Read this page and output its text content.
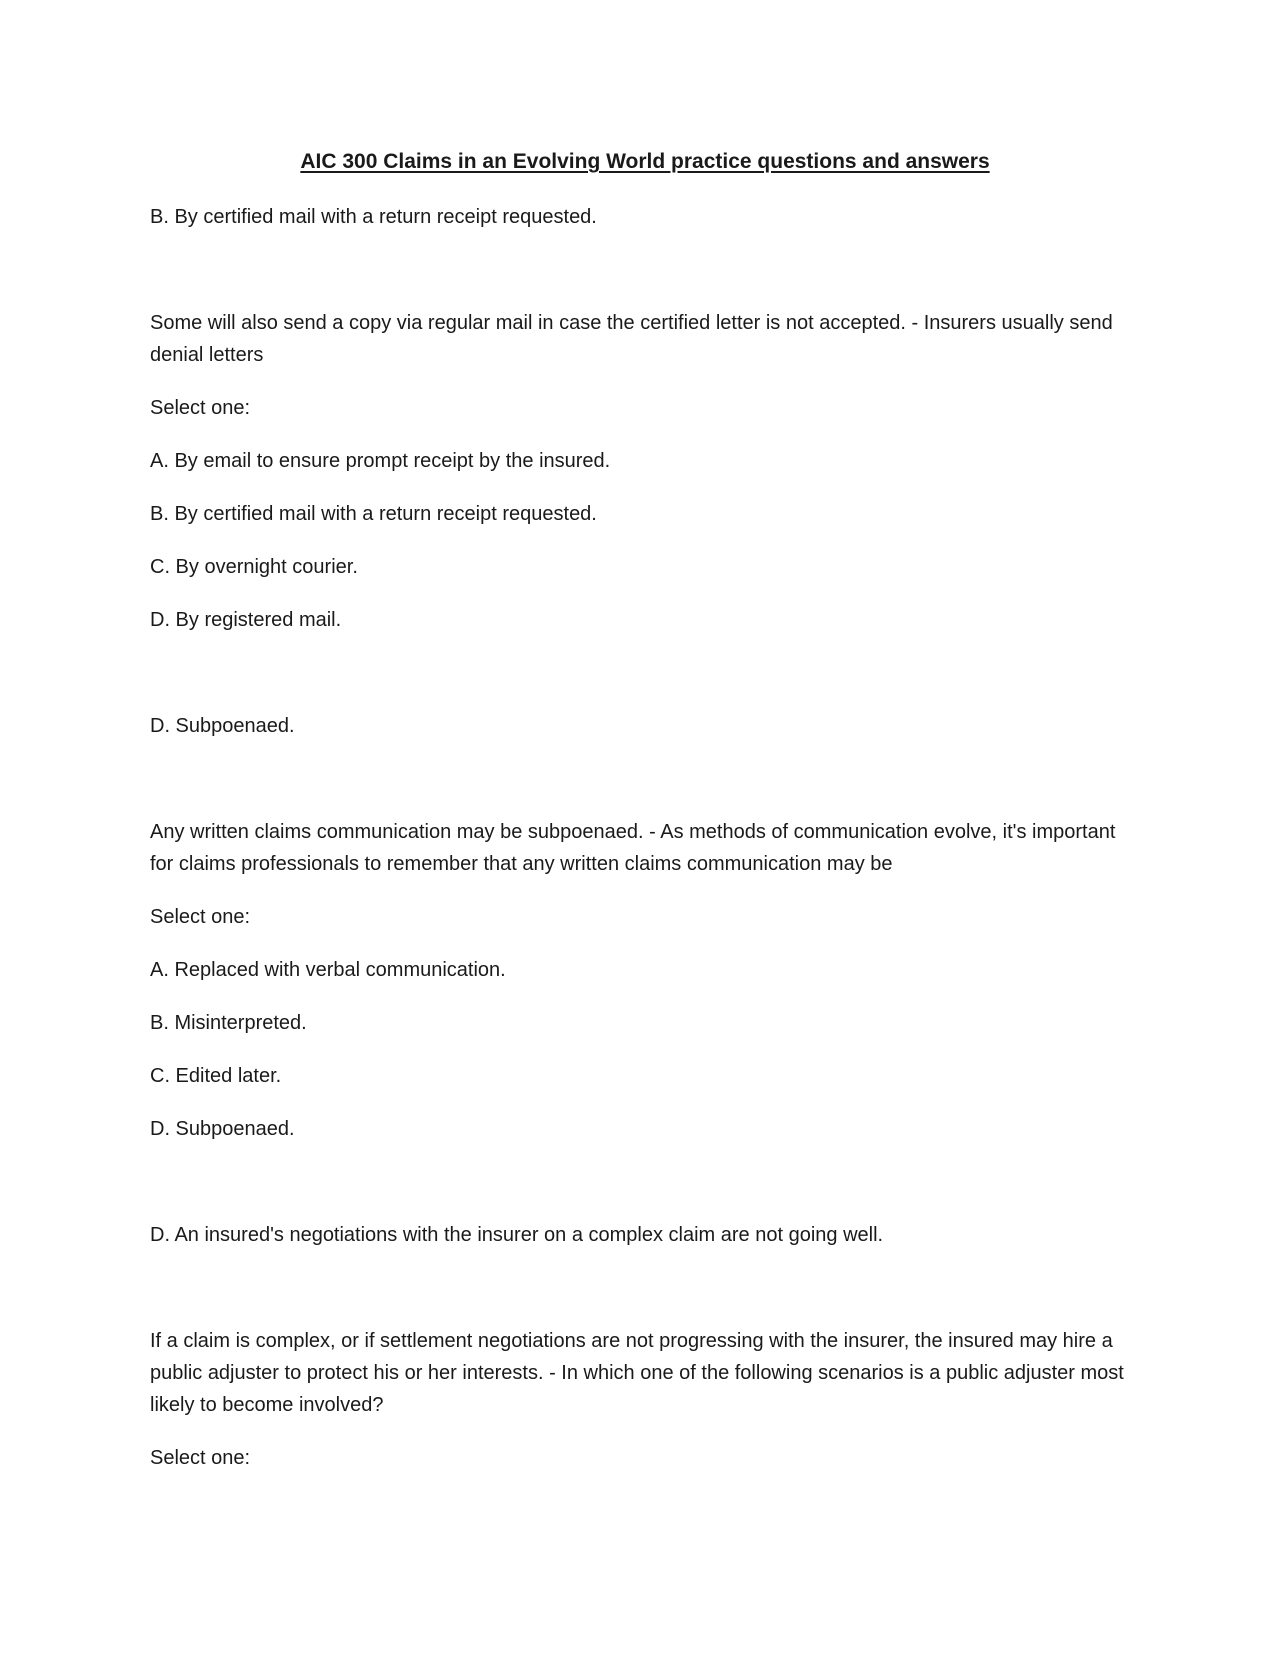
AIC 300 Claims in an Evolving World practice questions and answers
B. By certified mail with a return receipt requested.
Some will also send a copy via regular mail in case the certified letter is not accepted. - Insurers usually send denial letters
Select one:
A. By email to ensure prompt receipt by the insured.
B. By certified mail with a return receipt requested.
C. By overnight courier.
D. By registered mail.
D. Subpoenaed.
Any written claims communication may be subpoenaed. - As methods of communication evolve, it's important for claims professionals to remember that any written claims communication may be
Select one:
A. Replaced with verbal communication.
B. Misinterpreted.
C. Edited later.
D. Subpoenaed.
D. An insured's negotiations with the insurer on a complex claim are not going well.
If a claim is complex, or if settlement negotiations are not progressing with the insurer, the insured may hire a public adjuster to protect his or her interests. - In which one of the following scenarios is a public adjuster most likely to become involved?
Select one:
